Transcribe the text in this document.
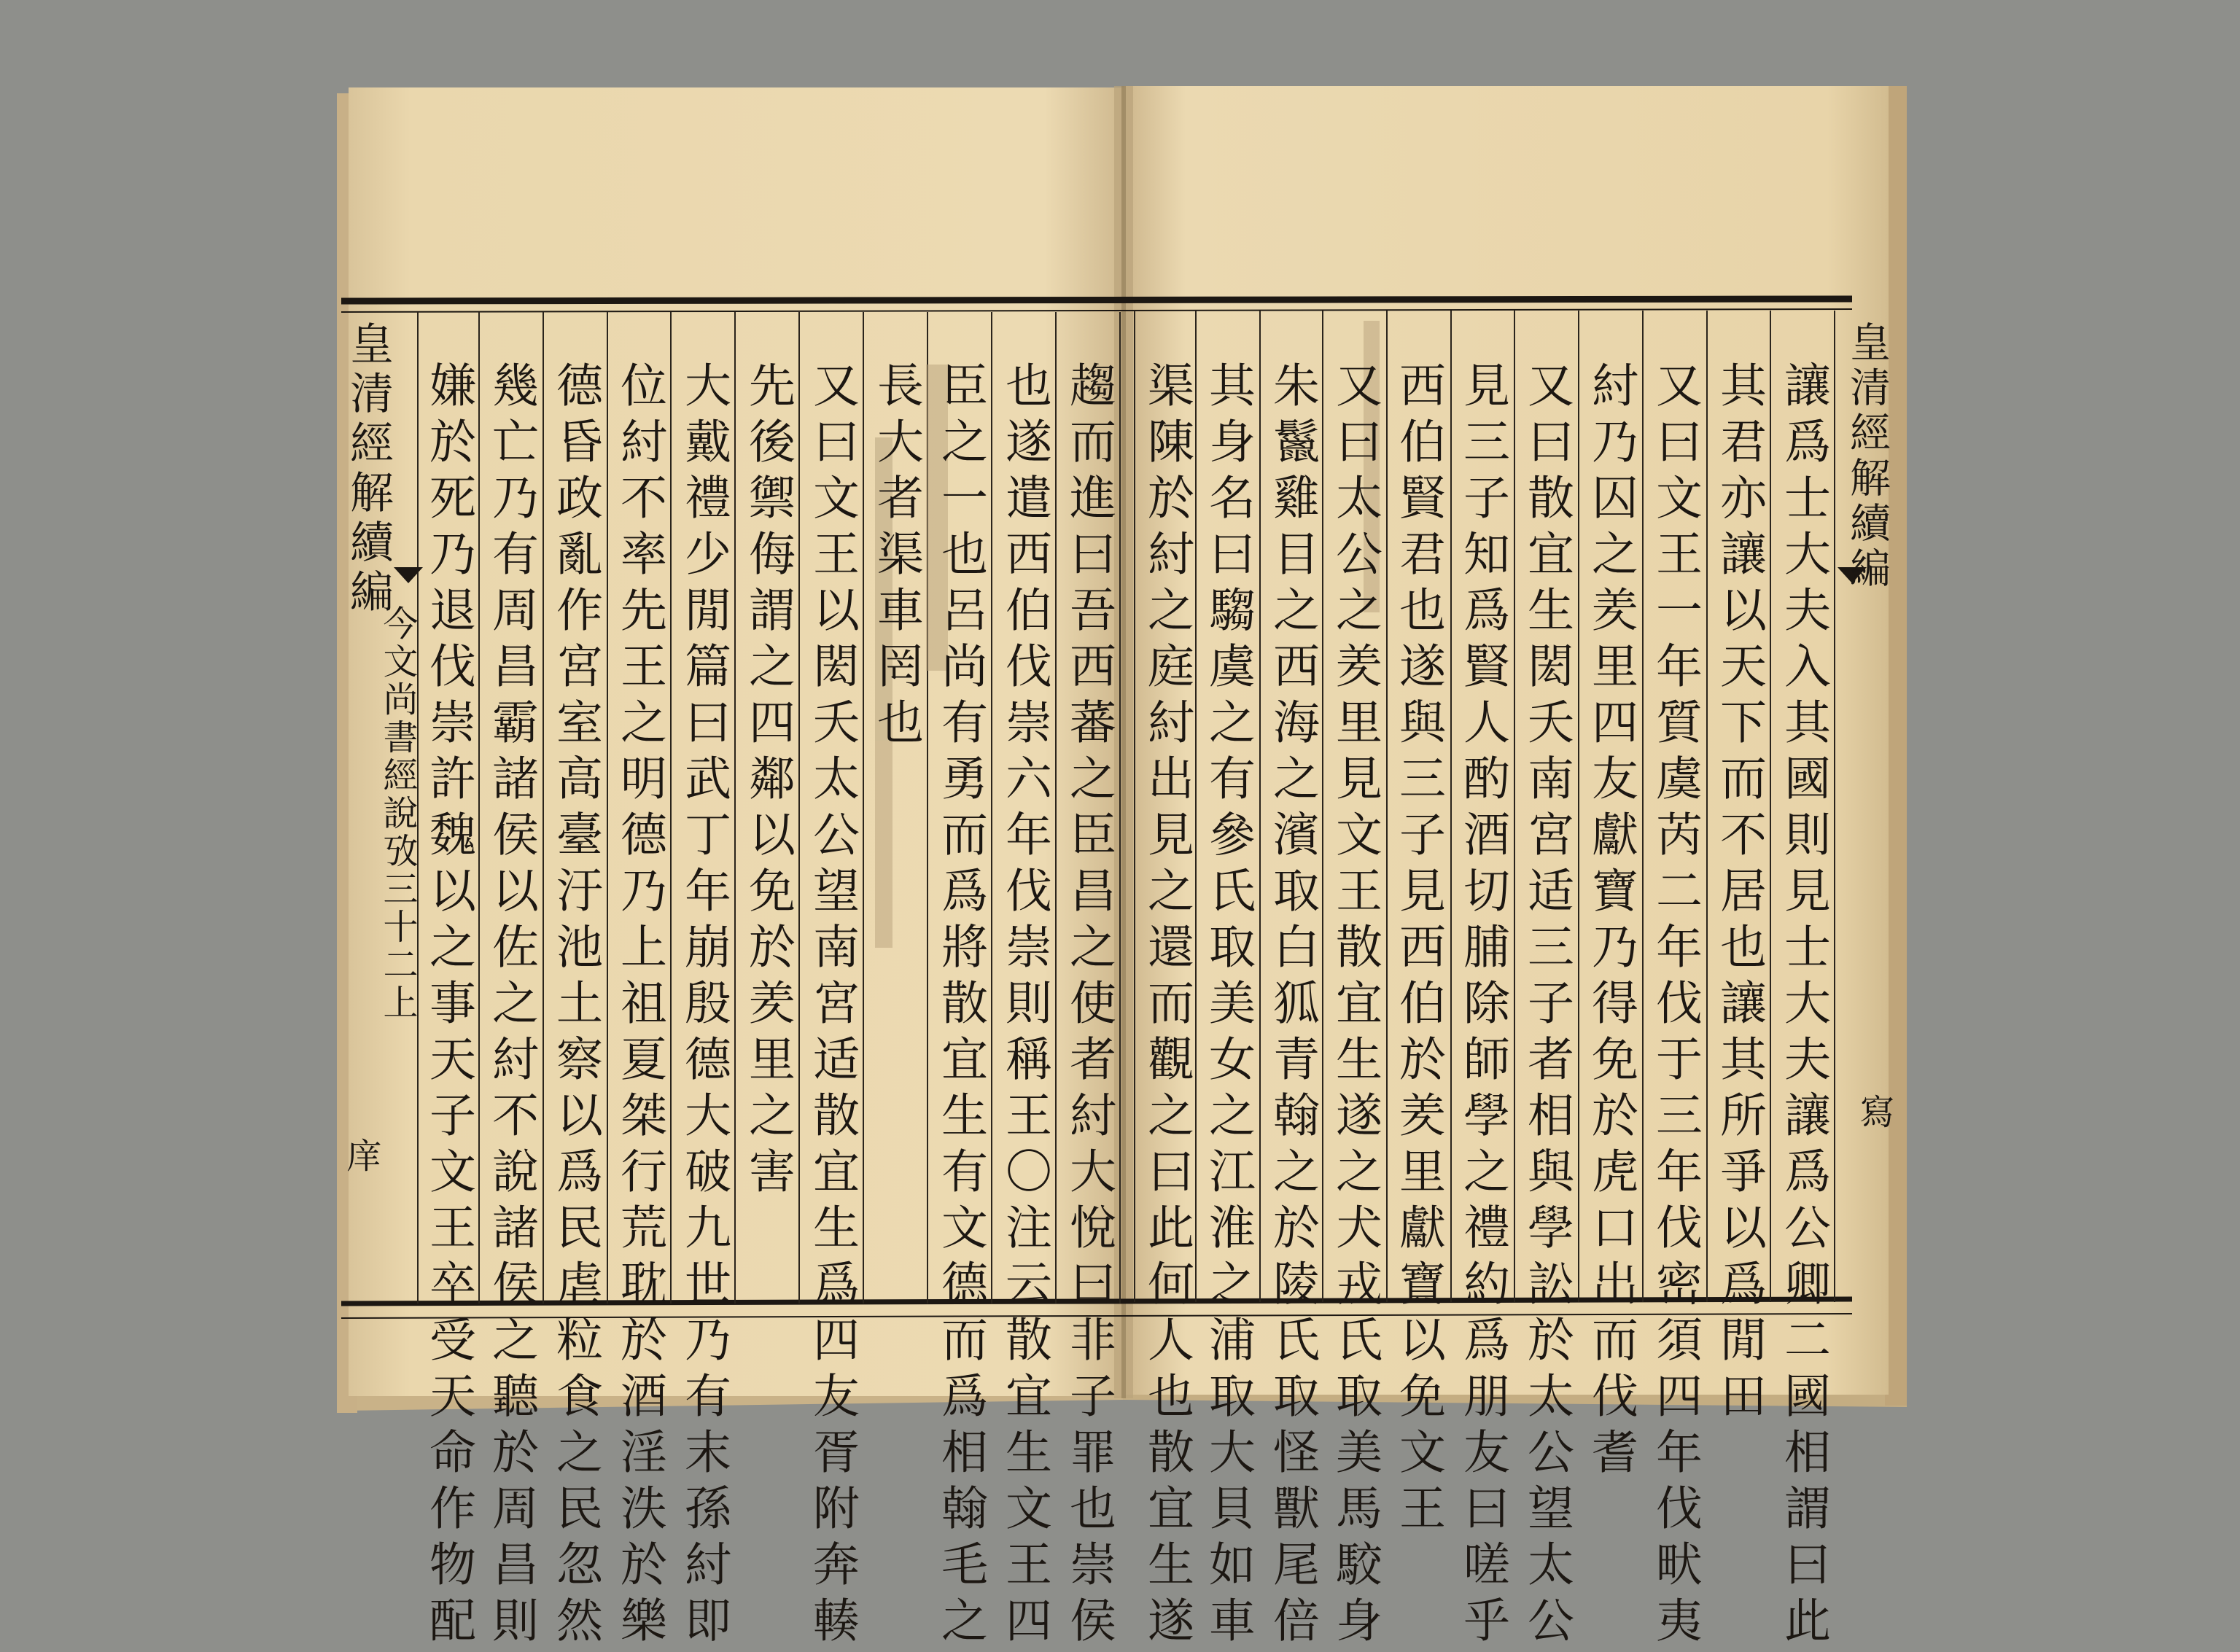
皇清經解續編
今文尚書經說攷三十二上
庠	趨而進曰吾西蕃之臣昌之使者紂大悅曰非子罪也崇侯
也遂遣西伯伐崇六年伐崇則稱王〇注云散宜生文王四
臣之一也呂尚有勇而爲將散宜生有文德而爲相翰毛之
長大者渠車罔也
又曰文王以閎夭太公望南宮适散宜生爲四友胥附奔輳
先後禦侮謂之四鄰以免於羑里之害
大戴禮少閒篇曰武丁年崩殷德大破九世乃有末孫紂即
位紂不率先王之明德乃上祖夏桀行荒耽於酒淫泆於樂
德昏政亂作宮室高臺汙池土察以爲民虐粒食之民忽然
幾亡乃有周昌霸諸侯以佐之紂不說諸侯之聽於周昌則
嫌於死乃退伐崇許魏以之事天子文王卒受天命作物配	皇清經解續編
寫
讓爲士大夫入其國則見士大夫讓爲公卿二國相謂曰此
其君亦讓以天下而不居也讓其所爭以爲閒田
又曰文王一年質虞芮二年伐于三年伐密須四年伐畎夷
紂乃囚之羑里四友獻寶乃得免於虎口出而伐耆
又曰散宜生閎夭南宮适三子者相與學訟於太公望太公
見三子知爲賢人酌酒切脯除師學之禮約爲朋友曰嗟乎
西伯賢君也遂與三子見西伯於羑里獻寶以免文王
又曰太公之羑里見文王散宜生遂之犬戎氏取美馬駮身
朱鬣雞目之西海之濱取白狐青翰之於陵氏取怪獸尾倍
其身名曰騶虞之有參氏取美女之江淮之浦取大貝如車
渠陳於紂之庭紂出見之還而觀之曰此何人也散宜生遂
